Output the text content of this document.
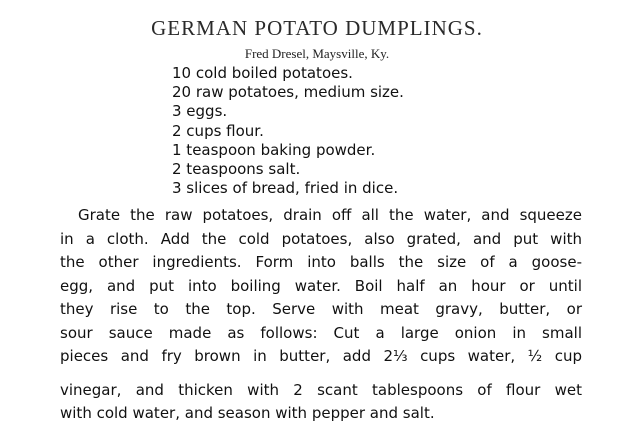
GERMAN POTATO DUMPLINGS.
Fred Dresel, Maysville, Ky.
10 cold boiled potatoes.
20 raw potatoes, medium size.
3 eggs.
2 cups flour.
1 teaspoon baking powder.
2 teaspoons salt.
3 slices of bread, fried in dice.

Grate the raw potatoes, drain off all the water, and squeeze
in a cloth. Add the cold potatoes, also grated, and put with
the other ingredients. Form into balls the size of a goose-
egg, and put into boiling water. Boil half an hour or until
they rise to the top. Serve with meat gravy, butter, or
sour sauce made as follows: Cut a large onion in small
pieces and fry brown in butter, add 2⅓ cups water, ½ cup
vinegar, and thicken with 2 scant tablespoons of flour wet
with cold water, and season with pepper and salt.
